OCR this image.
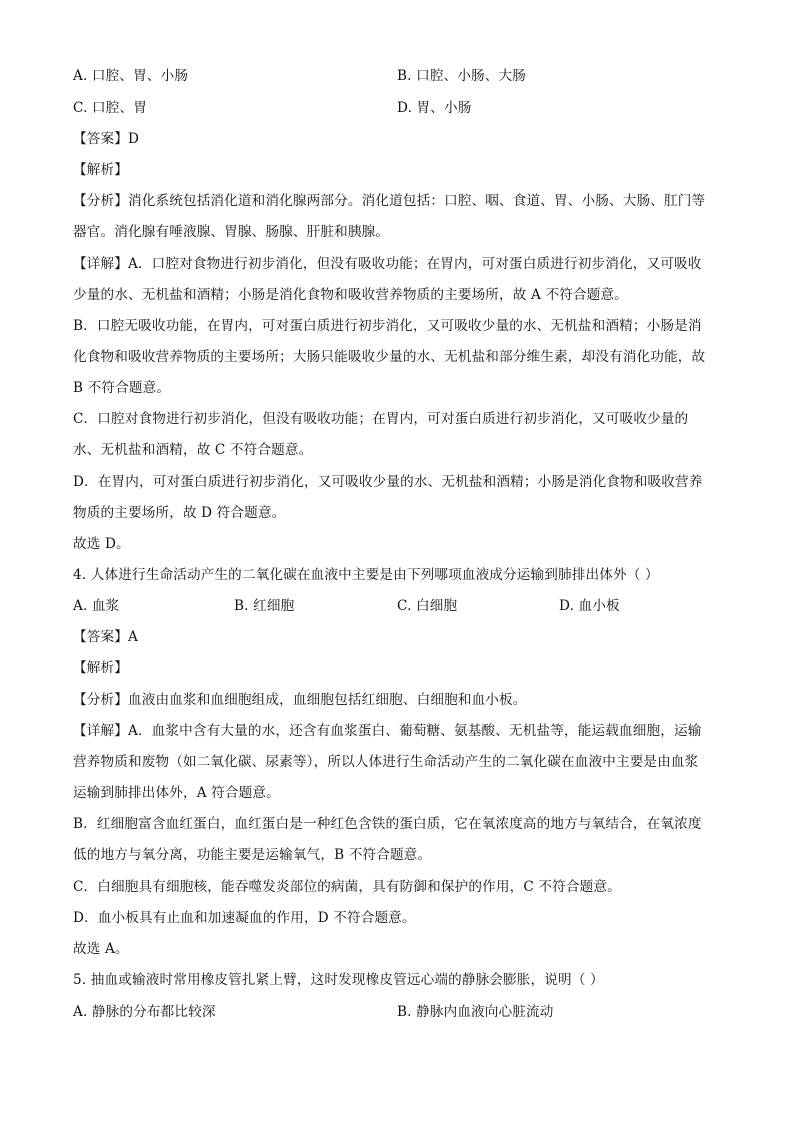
A. 口腔、胃、小肠	B. 口腔、小肠、大肠
C. 口腔、胃	D. 胃、小肠
【答案】D
【解析】
【分析】消化系统包括消化道和消化腺两部分。消化道包括：口腔、咽、食道、胃、小肠、大肠、肛门等
器官。消化腺有唾液腺、胃腺、肠腺、肝脏和胰腺。
【详解】A．口腔对食物进行初步消化，但没有吸收功能；在胃内，可对蛋白质进行初步消化，又可吸收
少量的水、无机盐和酒精；小肠是消化食物和吸收营养物质的主要场所，故 A 不符合题意。
B．口腔无吸收功能，在胃内，可对蛋白质进行初步消化，又可吸收少量的水、无机盐和酒精；小肠是消
化食物和吸收营养物质的主要场所；大肠只能吸收少量的水、无机盐和部分维生素，却没有消化功能，故
B 不符合题意。
C．口腔对食物进行初步消化，但没有吸收功能；在胃内，可对蛋白质进行初步消化，又可吸收少量的
水、无机盐和酒精，故 C 不符合题意。
D．在胃内，可对蛋白质进行初步消化，又可吸收少量的水、无机盐和酒精；小肠是消化食物和吸收营养
物质的主要场所，故 D 符合题意。
故选 D。
4. 人体进行生命活动产生的二氧化碳在血液中主要是由下列哪项血液成分运输到肺排出体外（ ）
A. 血浆	B. 红细胞	C. 白细胞	D. 血小板
【答案】A
【解析】
【分析】血液由血浆和血细胞组成，血细胞包括红细胞、白细胞和血小板。
【详解】A．血浆中含有大量的水，还含有血浆蛋白、葡萄糖、氨基酸、无机盐等，能运载血细胞，运输
营养物质和废物（如二氧化碳、尿素等），所以人体进行生命活动产生的二氧化碳在血液中主要是由血浆
运输到肺排出体外，A 符合题意。
B．红细胞富含血红蛋白，血红蛋白是一种红色含铁的蛋白质，它在氧浓度高的地方与氧结合，在氧浓度
低的地方与氧分离，功能主要是运输氧气，B 不符合题意。
C．白细胞具有细胞核，能吞噬发炎部位的病菌，具有防御和保护的作用，C 不符合题意。
D．血小板具有止血和加速凝血的作用，D 不符合题意。
故选 A。
5. 抽血或输液时常用橡皮管扎紧上臂，这时发现橡皮管远心端的静脉会膨胀，说明（ ）
A. 静脉的分布都比较深	B. 静脉内血液向心脏流动
